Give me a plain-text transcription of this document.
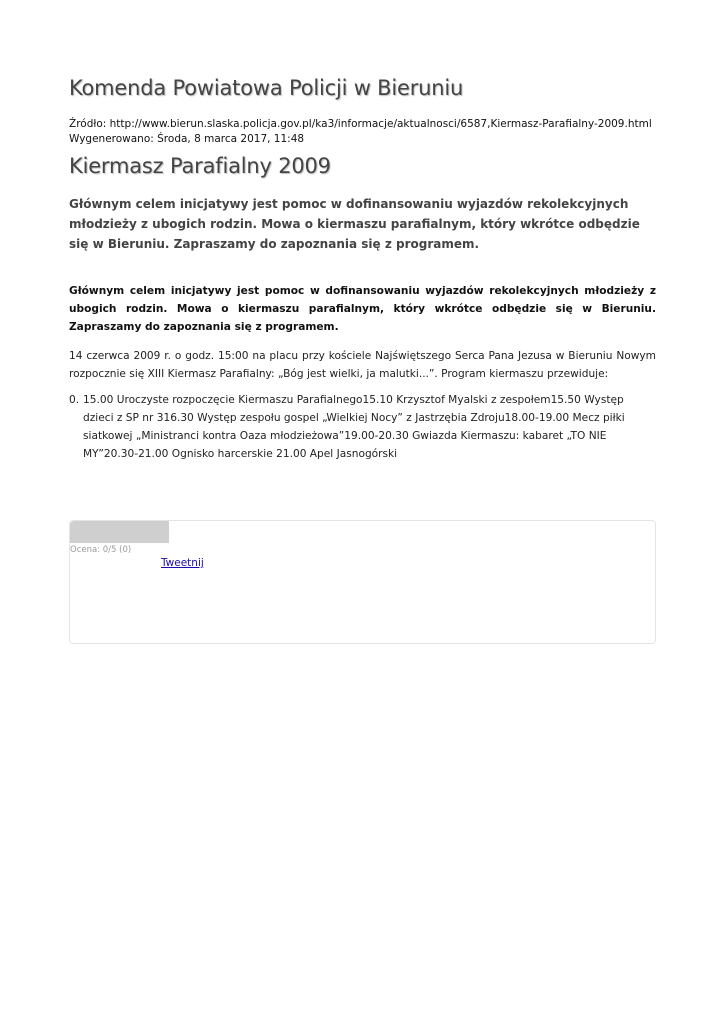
Komenda Powiatowa Policji w Bieruniu
Źródło: http://www.bierun.slaska.policja.gov.pl/ka3/informacje/aktualnosci/6587,Kiermasz-Parafialny-2009.html
Wygenerowano: Środa, 8 marca 2017, 11:48
Kiermasz Parafialny 2009

Głównym celem inicjatywy jest pomoc w dofinansowaniu wyjazdów rekolekcyjnych młodzieży z ubogich rodzin. Mowa o kiermaszu parafialnym, który wkrótce odbędzie się w Bieruniu. Zapraszamy do zapoznania się z programem.

Głównym celem inicjatywy jest pomoc w dofinansowaniu wyjazdów rekolekcyjnych młodzieży z ubogich rodzin. Mowa o kiermaszu parafialnym, który wkrótce odbędzie się w Bieruniu. Zapraszamy do zapoznania się z programem.

14 czerwca 2009 r. o godz. 15:00 na placu przy kościele Najświętszego Serca Pana Jezusa w Bieruniu Nowym rozpocznie się XIII Kiermasz Parafialny: „Bóg jest wielki, ja malutki...”. Program kiermaszu przewiduje:

0. 15.00 Uroczyste rozpoczęcie Kiermaszu Parafialnego15.10 Krzysztof Myalski z zespołem15.50 Występ dzieci z SP nr 316.30 Występ zespołu gospel „Wielkiej Nocy” z Jastrzębia Zdroju18.00-19.00 Mecz piłki siatkowej „Ministranci kontra Oaza młodzieżowa”19.00-20.30 Gwiazda Kiermaszu: kabaret „TO NIE MY”20.30-21.00 Ognisko harcerskie 21.00 Apel Jasnogórski
Ocena: 0/5 (0)
Tweetnij
